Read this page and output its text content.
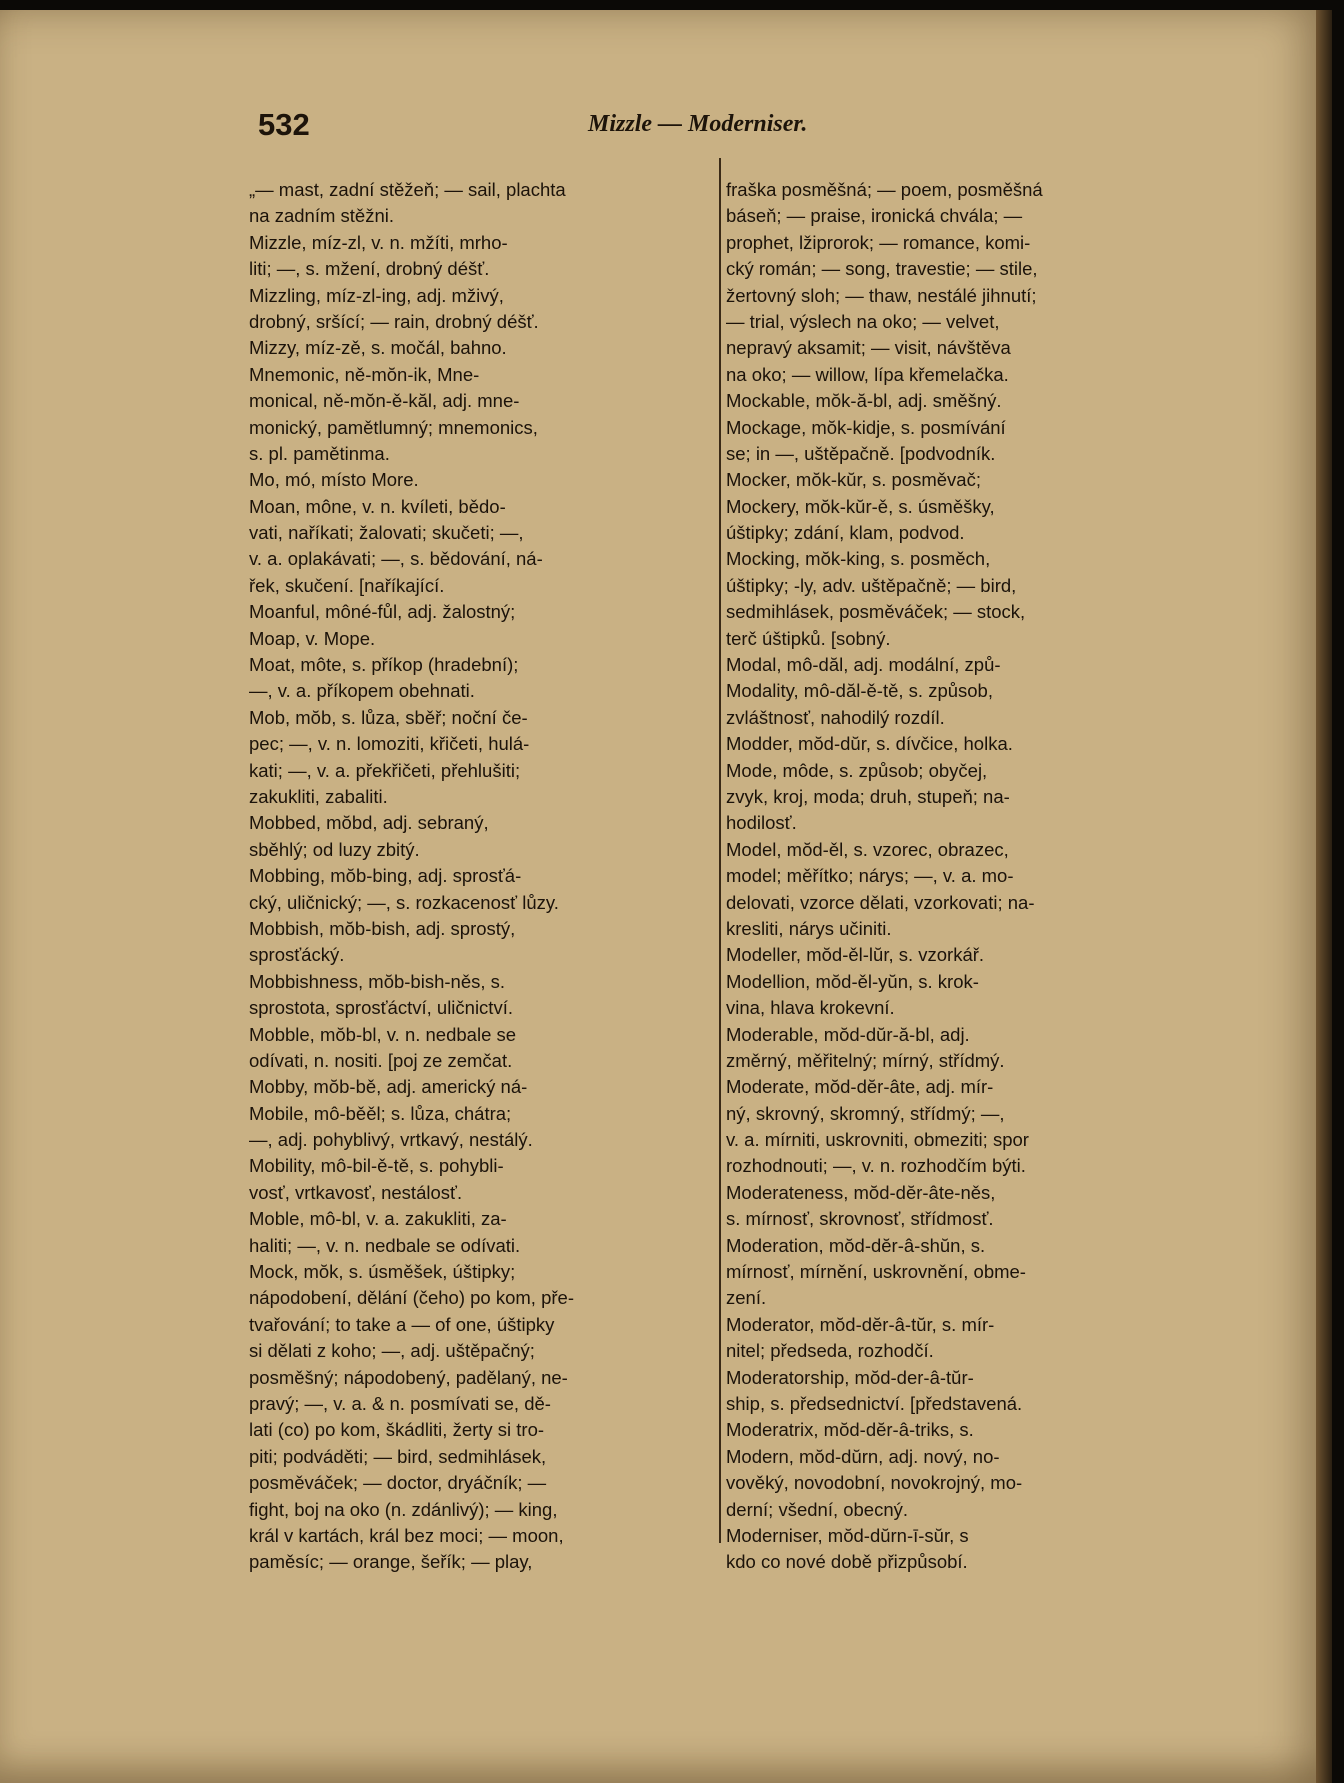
532	Mizzle — Moderniser.
„— mast, zadní stěžeň; — sail, plachta
na zadním stěžni.
Mizzle, míz-zl, v. n. mžíti, mrho-
liti; —, s. mžení, drobný déšť.
Mizzling, míz-zl-ing, adj. mživý,
drobný, sršící; — rain, drobný déšť.
Mizzy, míz-zě, s. močál, bahno.
Mnemonic, ně-mŏn-ik, Mne-
monical, ně-mŏn-ě-kăl, adj. mne-
monický, pamětlumný; mnemonics,
s. pl. pamětinma.
Mo, mó, místo More.
Moan, mône, v. n. kvíleti, bědo-
vati, naříkati; žalovati; skučeti; —,
v. a. oplakávati; —, s. bědování, ná-
řek, skučení. [naříkající.
Moanful, môné-fůl, adj. žalostný;
Moap, v. Mope.
Moat, môte, s. příkop (hradební);
—, v. a. příkopem obehnati.
Mob, mŏb, s. lůza, sběř; noční če-
pec; —, v. n. lomoziti, křičeti, hulá-
kati; —, v. a. překřičeti, přehlušiti;
zakukliti, zabaliti.
Mobbed, mŏbd, adj. sebraný,
sběhlý; od luzy zbitý.
Mobbing, mŏb-bing, adj. sprosťá-
cký, uličnický; —, s. rozkacenosť lůzy.
Mobbish, mŏb-bish, adj. sprostý,
sprosťácký.
Mobbishness, mŏb-bish-něs, s.
sprostota, sprosťáctví, uličnictví.
Mobble, mŏb-bl, v. n. nedbale se
odívati, n. nositi. [poj ze zemčat.
Mobby, mŏb-bě, adj. americký ná-
Mobile, mô-běěl; s. lůza, chátra;
—, adj. pohyblivý, vrtkavý, nestálý.
Mobility, mô-bil-ě-tě, s. pohybli-
vosť, vrtkavosť, nestálosť.
Moble, mô-bl, v. a. zakukliti, za-
haliti; —, v. n. nedbale se odívati.
Mock, mŏk, s. úsměšek, úštipky;
nápodobení, dělání (čeho) po kom, pře-
tvařování; to take a — of one, úštipky
si dělati z koho; —, adj. uštěpačný;
posměšný; nápodobený, padělaný, ne-
pravý; —, v. a. & n. posmívati se, dě-
lati (co) po kom, škádliti, žerty si tro-
piti; podváděti; — bird, sedmihlásek,
posměváček; — doctor, dryáčník; —
fight, boj na oko (n. zdánlivý); — king,
král v kartách, král bez moci; — moon,
paměsíc; — orange, šeřík; — play,
fraška posměšná; — poem, posměšná
báseň; — praise, ironická chvála; —
prophet, lžiprorok; — romance, komi-
cký román; — song, travestie; — stile,
žertovný sloh; — thaw, nestálé jihnutí;
— trial, výslech na oko; — velvet,
nepravý aksamit; — visit, návštěva
na oko; — willow, lípa křemelačka.
Mockable, mŏk-ă-bl, adj. směšný.
Mockage, mŏk-kidje, s. posmívání
se; in —, uštěpačně. [podvodník.
Mocker, mŏk-kŭr, s. posměvač;
Mockery, mŏk-kŭr-ě, s. úsměšky,
úštipky; zdání, klam, podvod.
Mocking, mŏk-king, s. posměch,
úštipky; -ly, adv. uštěpačně; — bird,
sedmihlásek, posměváček; — stock,
terč úštipků. [sobný.
Modal, mô-dăl, adj. modální, způ-
Modality, mô-dăl-ě-tě, s. způsob,
zvláštnosť, nahodilý rozdíl.
Modder, mŏd-dŭr, s. dívčice, holka.
Mode, môde, s. způsob; obyčej,
zvyk, kroj, moda; druh, stupeň; na-
hodilosť.
Model, mŏd-ěl, s. vzorec, obrazec,
model; měřítko; nárys; —, v. a. mo-
delovati, vzorce dělati, vzorkovati; na-
kresliti, nárys učiniti.
Modeller, mŏd-ěl-lŭr, s. vzorkář.
Modellion, mŏd-ěl-yŭn, s. krok-
vina, hlava krokevní.
Moderable, mŏd-dŭr-ă-bl, adj.
změrný, měřitelný; mírný, střídmý.
Moderate, mŏd-dĕr-âte, adj. mír-
ný, skrovný, skromný, střídmý; —,
v. a. mírniti, uskrovniti, obmeziti; spor
rozhodnouti; —, v. n. rozhodčím býti.
Moderateness, mŏd-dĕr-âte-něs,
s. mírnosť, skrovnosť, střídmosť.
Moderation, mŏd-dĕr-â-shŭn, s.
mírnosť, mírnění, uskrovnění, obme-
zení.
Moderator, mŏd-dĕr-â-tŭr, s. mír-
nitel; předseda, rozhodčí.
Moderatorship, mŏd-der-â-tŭr-
ship, s. předsednictví. [představená.
Moderatrix, mŏd-dĕr-â-triks, s.
Modern, mŏd-dŭrn, adj. nový, no-
vověký, novodobní, novokrojný, mo-
derní; všední, obecný.
Moderniser, mŏd-dŭrn-ī-sŭr, s
kdo co nové době přizpůsobí.
